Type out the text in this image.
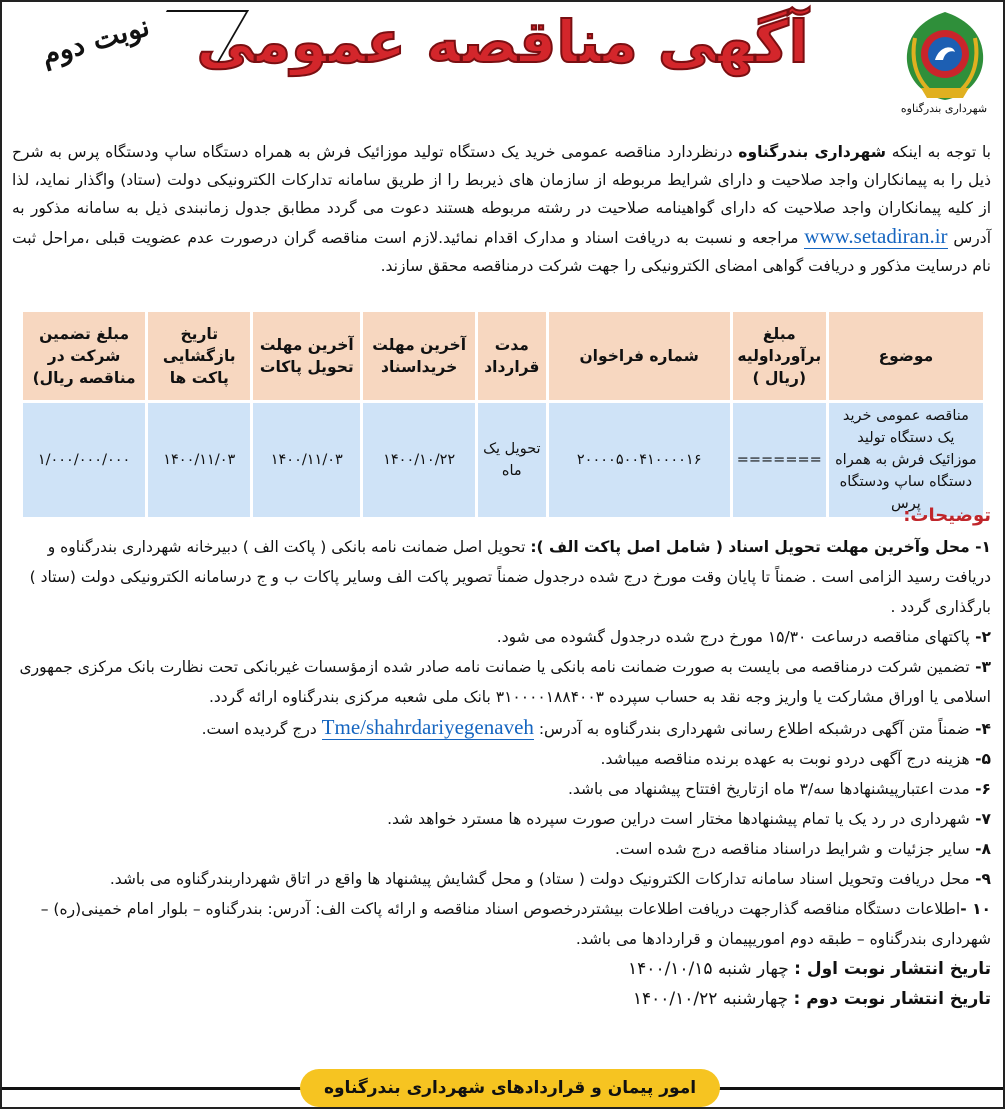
شهرداری بندرگناوه
آگهی مناقصه عمومی
نوبت دوم
با توجه به اینکه شهرداری بندرگناوه درنظردارد مناقصه عمومی خرید یک دستگاه تولید موزائیک فرش به همراه دستگاه ساپ ودستگاه پرس به شرح ذیل را به پیمانکاران واجد صلاحیت و دارای شرایط مربوطه از سازمان های ذیربط را از طریق سامانه تدارکات الکترونیکی دولت (ستاد) واگذار نماید، لذا از کلیه پیمانکاران واجد صلاحیت که دارای گواهینامه صلاحیت در رشته مربوطه هستند دعوت می گردد مطابق جدول زمانبندی ذیل به سامانه مذکور به آدرس www.setadiran.ir مراجعه و نسبت به دریافت اسناد و مدارک اقدام نمائید.لازم است مناقصه گران درصورت عدم عضویت قبلی ،مراحل ثبت نام درسایت مذکور و دریافت گواهی امضای الکترونیکی را جهت شرکت درمناقصه محقق سازند.
موضوع	مبلغ برآورداولیه (ریال )	شماره فراخوان	مدت قرارداد	آخرین مهلت خریداسناد	آخرین مهلت تحویل پاکات	تاریخ بازگشایی پاکت ها	مبلغ تضمین شرکت در مناقصه ریال)
مناقصه عمومی خرید یک دستگاه تولید موزائیک فرش به همراه دستگاه ساپ ودستگاه پرس	=======	۲۰۰۰۰۵۰۰۴۱۰۰۰۰۱۶	تحویل یک ماه	۱۴۰۰/۱۰/۲۲	۱۴۰۰/۱۱/۰۳	۱۴۰۰/۱۱/۰۳	۱/۰۰۰/۰۰۰/۰۰۰
توضیحات:

۱- محل وآخرین مهلت تحویل اسناد ( شامل اصل پاکت الف ): تحویل اصل ضمانت نامه بانکی ( پاکت الف ) دبیرخانه شهرداری بندرگناوه و دریافت رسید الزامی است . ضمناً تا پایان وقت مورخ درج شده درجدول ضمناً تصویر پاکت الف وسایر پاکات ب و ج درسامانه الکترونیکی دولت (ستاد ) بارگذاری گردد .

۲- پاکتهای مناقصه درساعت ۱۵/۳۰ مورخ درج شده درجدول گشوده می شود.

۳- تضمین شرکت درمناقصه می بایست به صورت ضمانت نامه بانکی یا ضمانت نامه صادر شده ازمؤسسات غیربانکی تحت نظارت بانک مرکزی جمهوری اسلامی یا اوراق مشارکت یا واریز وجه نقد به حساب سپرده ۳۱۰۰۰۰۱۸۸۴۰۰۳ بانک ملی شعبه مرکزی بندرگناوه ارائه گردد.

۴- ضمناً متن آگهی درشبکه اطلاع رسانی شهرداری بندرگناوه به آدرس: Tme/shahrdariyegenaveh درج گردیده است.

۵- هزینه درج آگهی دردو نوبت به عهده برنده مناقصه میباشد.

۶- مدت اعتبارپیشنهادها سه/۳ ماه ازتاریخ افتتاح پیشنهاد می باشد.

۷- شهرداری در رد یک یا تمام پیشنهادها مختار است دراین صورت سپرده ها مسترد خواهد شد.

۸- سایر جزئیات و شرایط دراسناد مناقصه درج شده است.

۹- محل دریافت وتحویل اسناد سامانه تدارکات الکترونیک دولت ( ستاد) و محل گشایش پیشنهاد ها واقع در اتاق شهرداربندرگناوه می باشد.

۱۰ -اطلاعات دستگاه مناقصه گذارجهت دریافت اطلاعات بیشتردرخصوص اسناد مناقصه و ارائه پاکت الف: آدرس: بندرگناوه – بلوار امام خمینی(ره) –شهرداری بندرگناوه – طبقه دوم اموریپیمان و قراردادها می باشد.

تاریخ انتشار نوبت اول : چهار شنبه ۱۴۰۰/۱۰/۱۵

تاریخ انتشار نوبت دوم : چهارشنبه ۱۴۰۰/۱۰/۲۲

امور پیمان و قراردادهای شهرداری بندرگناوه
